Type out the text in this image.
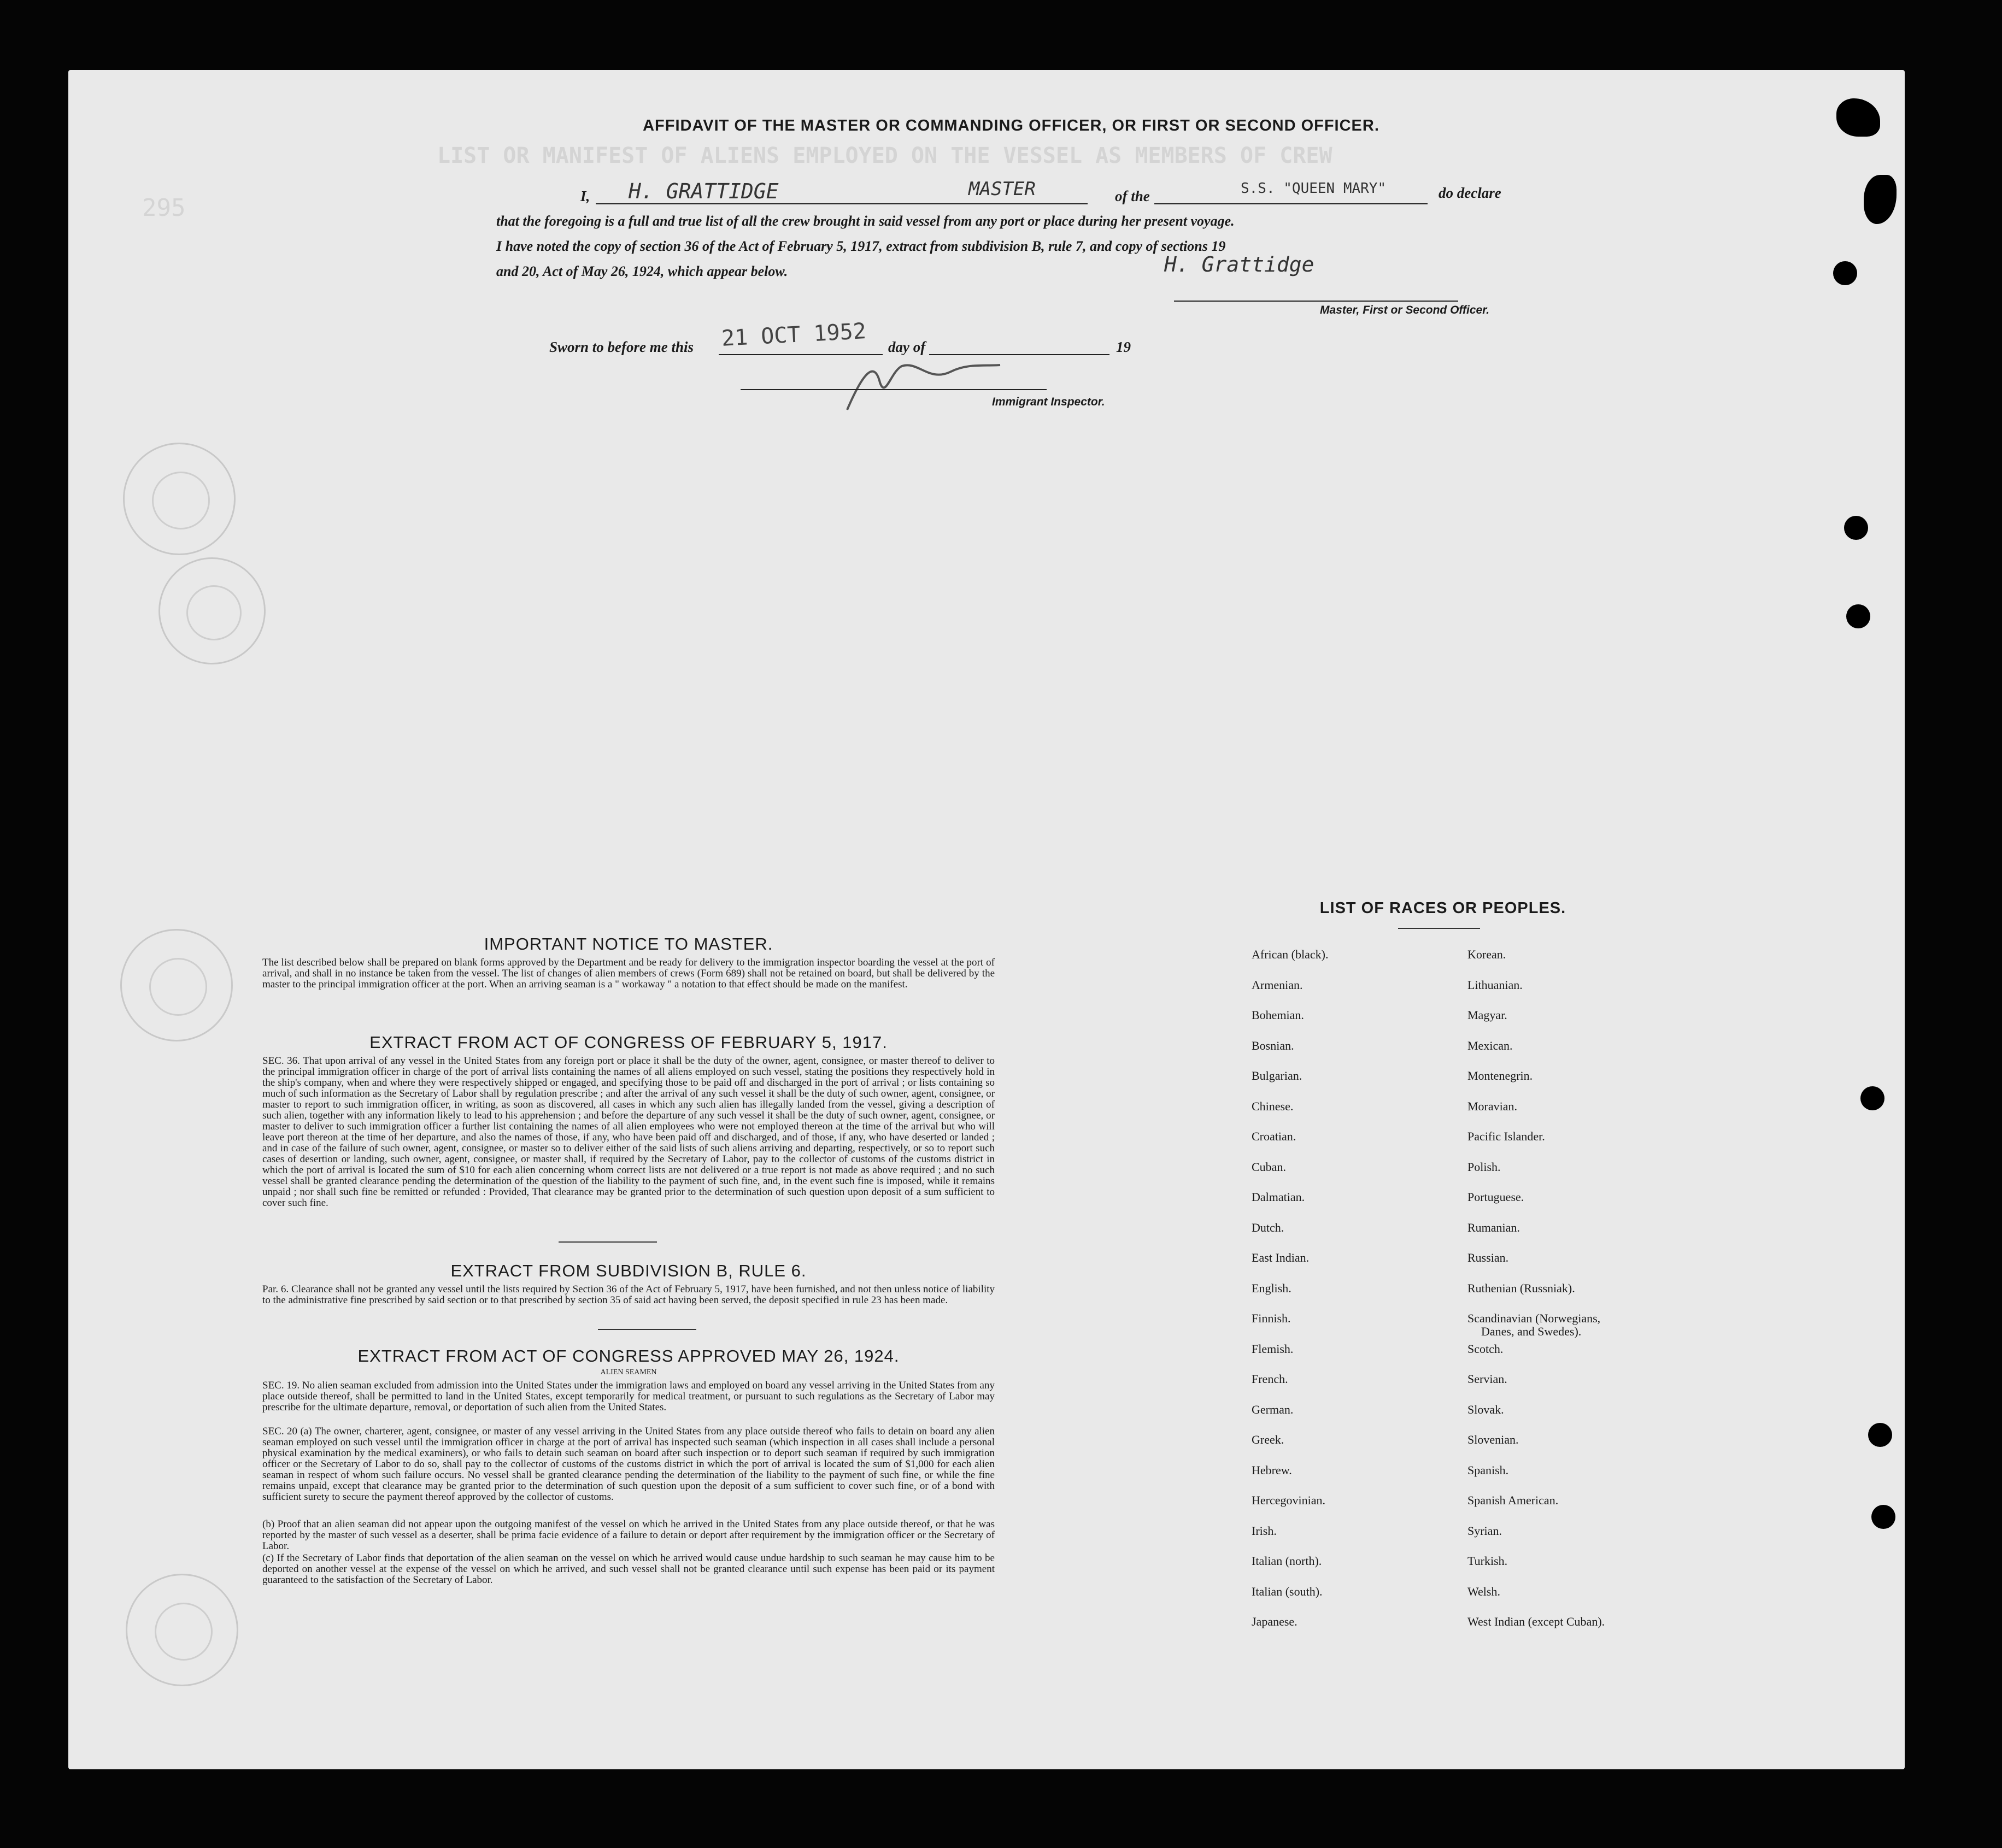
LIST OR MANIFEST OF ALIENS EMPLOYED ON THE VESSEL AS MEMBERS OF CREW
295
AFFIDAVIT OF THE MASTER OR COMMANDING OFFICER, OR FIRST OR SECOND OFFICER.
I, H. GRATTIDGE	MASTER	of the	S.S. "QUEEN MARY"	do declare
that the foregoing is a full and true list of all the crew brought in said vessel from any port or place during her present voyage.
I have noted the copy of section 36 of the Act of February 5, 1917, extract from subdivision B, rule 7, and copy of sections 19
and 20, Act of May 26, 1924, which appear below.	H. Grattidge
Master, First or Second Officer.
Sworn to before me this 21 OCT 1952 day of	19
Immigrant Inspector.
IMPORTANT NOTICE TO MASTER.
The list described below shall be prepared on blank forms approved by the Department and be ready for delivery to the immigration inspector boarding the vessel at the port of arrival, and shall in no instance be taken from the vessel. The list of changes of alien members of crews (Form 689) shall not be retained on board, but shall be delivered by the master to the principal immigration officer at the port. When an arriving seaman is a " workaway " a notation to that effect should be made on the manifest.
EXTRACT FROM ACT OF CONGRESS OF FEBRUARY 5, 1917.
SEC. 36. That upon arrival of any vessel in the United States from any foreign port or place it shall be the duty of the owner, agent, consignee, or master thereof to deliver to the principal immigration officer in charge of the port of arrival lists containing the names of all aliens employed on such vessel, stating the positions they respectively hold in the ship's company, when and where they were respectively shipped or engaged, and specifying those to be paid off and discharged in the port of arrival ; or lists containing so much of such information as the Secretary of Labor shall by regulation prescribe ; and after the arrival of any such vessel it shall be the duty of such owner, agent, consignee, or master to report to such immigration officer, in writing, as soon as discovered, all cases in which any such alien has illegally landed from the vessel, giving a description of such alien, together with any information likely to lead to his apprehension ; and before the departure of any such vessel it shall be the duty of such owner, agent, consignee, or master to deliver to such immigration officer a further list containing the names of all alien employees who were not employed thereon at the time of the arrival but who will leave port thereon at the time of her departure, and also the names of those, if any, who have been paid off and discharged, and of those, if any, who have deserted or landed ; and in case of the failure of such owner, agent, consignee, or master so to deliver either of the said lists of such aliens arriving and departing, respectively, or so to report such cases of desertion or landing, such owner, agent, consignee, or master shall, if required by the Secretary of Labor, pay to the collector of customs of the customs district in which the port of arrival is located the sum of $10 for each alien concerning whom correct lists are not delivered or a true report is not made as above required ; and no such vessel shall be granted clearance pending the determination of the question of the liability to the payment of such fine, and, in the event such fine is imposed, while it remains unpaid ; nor shall such fine be remitted or refunded : Provided, That clearance may be granted prior to the determination of such question upon deposit of a sum sufficient to cover such fine.
EXTRACT FROM SUBDIVISION B, RULE 6.
Par. 6. Clearance shall not be granted any vessel until the lists required by Section 36 of the Act of February 5, 1917, have been furnished, and not then unless notice of liability to the administrative fine prescribed by said section or to that prescribed by section 35 of said act having been served, the deposit specified in rule 23 has been made.
EXTRACT FROM ACT OF CONGRESS APPROVED MAY 26, 1924.
ALIEN SEAMEN
SEC. 19. No alien seaman excluded from admission into the United States under the immigration laws and employed on board any vessel arriving in the United States from any place outside thereof, shall be permitted to land in the United States, except temporarily for medical treatment, or pursuant to such regulations as the Secretary of Labor may prescribe for the ultimate departure, removal, or deportation of such alien from the United States.
SEC. 20 (a) The owner, charterer, agent, consignee, or master of any vessel arriving in the United States from any place outside thereof who fails to detain on board any alien seaman employed on such vessel until the immigration officer in charge at the port of arrival has inspected such seaman (which inspection in all cases shall include a personal physical examination by the medical examiners), or who fails to detain such seaman on board after such inspection or to deport such seaman if required by such immigration officer or the Secretary of Labor to do so, shall pay to the collector of customs of the customs district in which the port of arrival is located the sum of $1,000 for each alien seaman in respect of whom such failure occurs. No vessel shall be granted clearance pending the determination of the liability to the payment of such fine, or while the fine remains unpaid, except that clearance may be granted prior to the determination of such question upon the deposit of a sum sufficient to cover such fine, or of a bond with sufficient surety to secure the payment thereof approved by the collector of customs.
(b) Proof that an alien seaman did not appear upon the outgoing manifest of the vessel on which he arrived in the United States from any place outside thereof, or that he was reported by the master of such vessel as a deserter, shall be prima facie evidence of a failure to detain or deport after requirement by the immigration officer or the Secretary of Labor.
(c) If the Secretary of Labor finds that deportation of the alien seaman on the vessel on which he arrived would cause undue hardship to such seaman he may cause him to be deported on another vessel at the expense of the vessel on which he arrived, and such vessel shall not be granted clearance until such expense has been paid or its payment guaranteed to the satisfaction of the Secretary of Labor.
LIST OF RACES OR PEOPLES.
African (black).
Armenian.
Bohemian.
Bosnian.
Bulgarian.
Chinese.
Croatian.
Cuban.
Dalmatian.
Dutch.
East Indian.
English.
Finnish.
Flemish.
French.
German.
Greek.
Hebrew.
Hercegovinian.
Irish.
Italian (north).
Italian (south).
Japanese.
Korean.
Lithuanian.
Magyar.
Mexican.
Montenegrin.
Moravian.
Pacific Islander.
Polish.
Portuguese.
Rumanian.
Russian.
Ruthenian (Russniak).
Scandinavian (Norwegians,
Danes, and Swedes).
Scotch.
Servian.
Slovak.
Slovenian.
Spanish.
Spanish American.
Syrian.
Turkish.
Welsh.
West Indian (except Cuban).
